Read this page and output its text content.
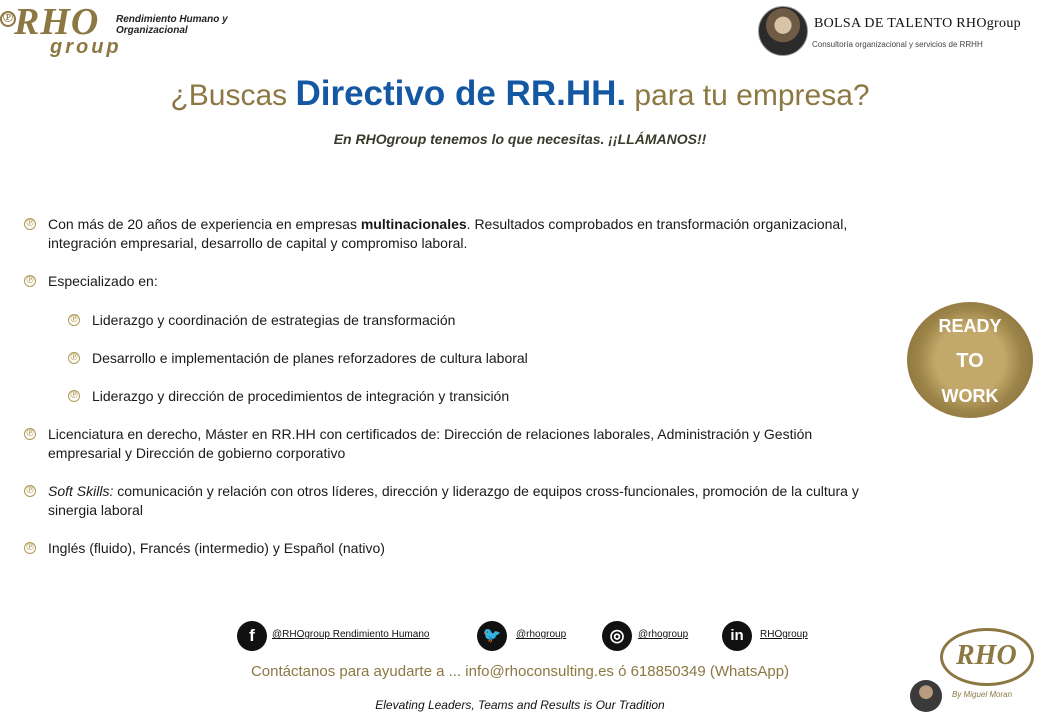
Ⓟ RHO
group
Rendimiento Humano y Organizacional	BOLSA DE TALENTO RHOgroup
Consultoría organizacional y servicios de RRHH
¿Buscas Directivo de RR.HH. para tu empresa?
En RHOgroup tenemos lo que necesitas. ¡¡LLÁMANOS!!
Ⓟ Con más de 20 años de experiencia en empresas multinacionales. Resultados comprobados en transformación organizacional, integración empresarial, desarrollo de capital y compromiso laboral.
Ⓟ Especializado en:
Ⓟ Liderazgo y coordinación de estrategias de transformación
Ⓟ Desarrollo e implementación de planes reforzadores de cultura laboral
Ⓟ Liderazgo y dirección de procedimientos de integración y transición
Ⓟ Licenciatura en derecho, Máster en RR.HH con certificados de: Dirección de relaciones laborales, Administración y Gestión empresarial y Dirección de gobierno corporativo
Ⓟ Soft Skills: comunicación y relación con otros líderes, dirección y liderazgo de equipos cross-funcionales, promoción de la cultura y sinergia laboral
Ⓟ Inglés (fluido), Francés (intermedio) y Español (nativo)
READY
TO
WORK
f	@RHOgroup Rendimiento Humano	🐦	@rhogroup	◎	@rhogroup	in	RHOgroup
Contáctanos para ayudarte a ... info@rhoconsulting.es ó 618850349 (WhatsApp)
Elevating Leaders, Teams and Results is Our Tradition
RHO
By Miguel Moran
